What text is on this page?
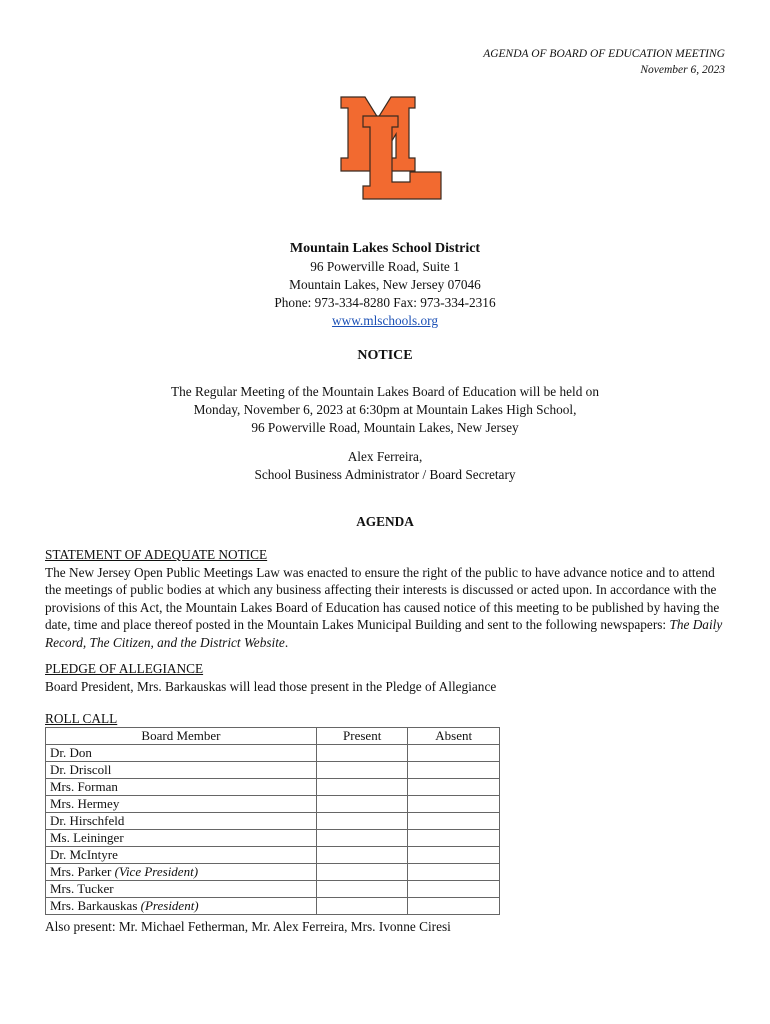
AGENDA OF BOARD OF EDUCATION MEETING
November 6, 2023
Mountain Lakes School District
96 Powerville Road, Suite 1
Mountain Lakes, New Jersey 07046
Phone: 973-334-8280 Fax: 973-334-2316
www.mlschools.org
NOTICE
The Regular Meeting of the Mountain Lakes Board of Education will be held on
Monday, November 6, 2023 at 6:30pm at Mountain Lakes High School,
96 Powerville Road, Mountain Lakes, New Jersey
Alex Ferreira,
School Business Administrator / Board Secretary
AGENDA
STATEMENT OF ADEQUATE NOTICE
The New Jersey Open Public Meetings Law was enacted to ensure the right of the public to have advance notice and to attend the meetings of public bodies at which any business affecting their interests is discussed or acted upon. In accordance with the provisions of this Act, the Mountain Lakes Board of Education has caused notice of this meeting to be published by having the date, time and place thereof posted in the Mountain Lakes Municipal Building and sent to the following newspapers: The Daily Record, The Citizen, and the District Website.
PLEDGE OF ALLEGIANCE
Board President, Mrs. Barkauskas will lead those present in the Pledge of Allegiance
ROLL CALL
Board Member	Present	Absent
Dr. Don		
Dr. Driscoll		
Mrs. Forman		
Mrs. Hermey		
Dr. Hirschfeld		
Ms. Leininger		
Dr. McIntyre		
Mrs. Parker (Vice President)		
Mrs. Tucker		
Mrs. Barkauskas (President)		
Also present: Mr. Michael Fetherman, Mr. Alex Ferreira, Mrs. Ivonne Ciresi
